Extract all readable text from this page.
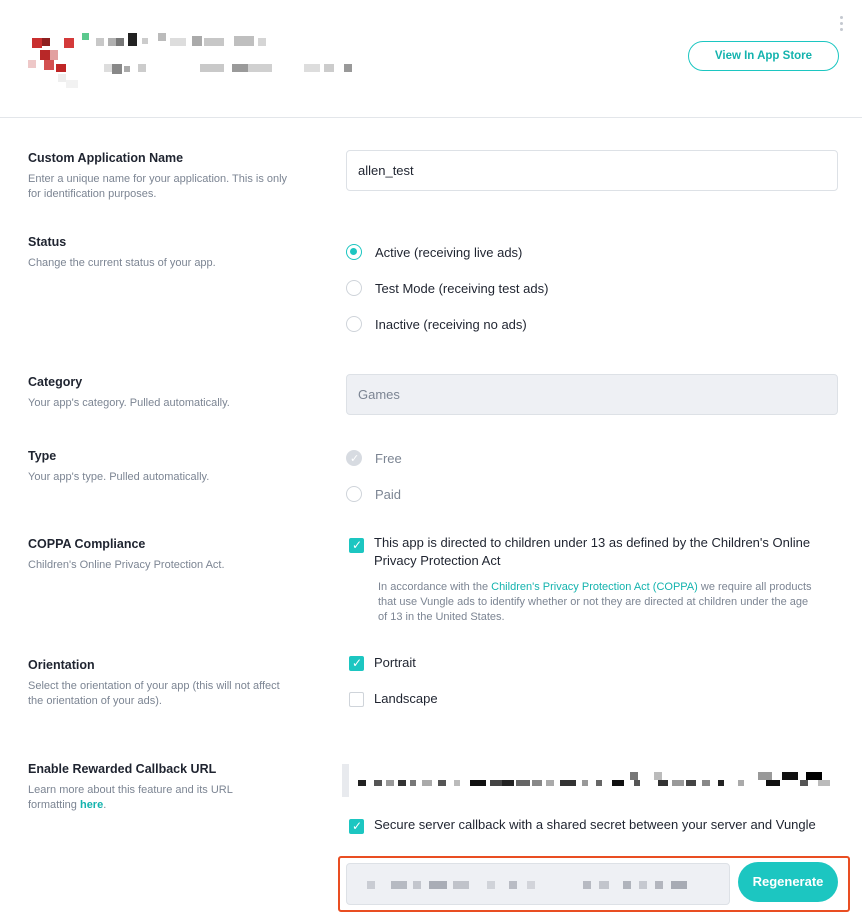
View In App Store
Custom Application Name
Enter a unique name for your application. This is only for identification purposes.
allen_test
Status
Change the current status of your app.
Active (receiving live ads)
Test Mode (receiving test ads)
Inactive (receiving no ads)
Category
Your app's category. Pulled automatically.
Games
Type
Your app's type. Pulled automatically.
✓
Free
Paid
COPPA Compliance
Children's Online Privacy Protection Act.
✓
This app is directed to children under 13 as defined by the Children's Online Privacy Protection Act
In accordance with the Children's Privacy Protection Act (COPPA) we require all products that use Vungle ads to identify whether or not they are directed at children under the age of 13 in the United States.
Orientation
Select the orientation of your app (this will not affect the orientation of your ads).
✓
Portrait
Landscape
Enable Rewarded Callback URL
Learn more about this feature and its URL formatting here.
✓
Secure server callback with a shared secret between your server and Vungle
Regenerate
